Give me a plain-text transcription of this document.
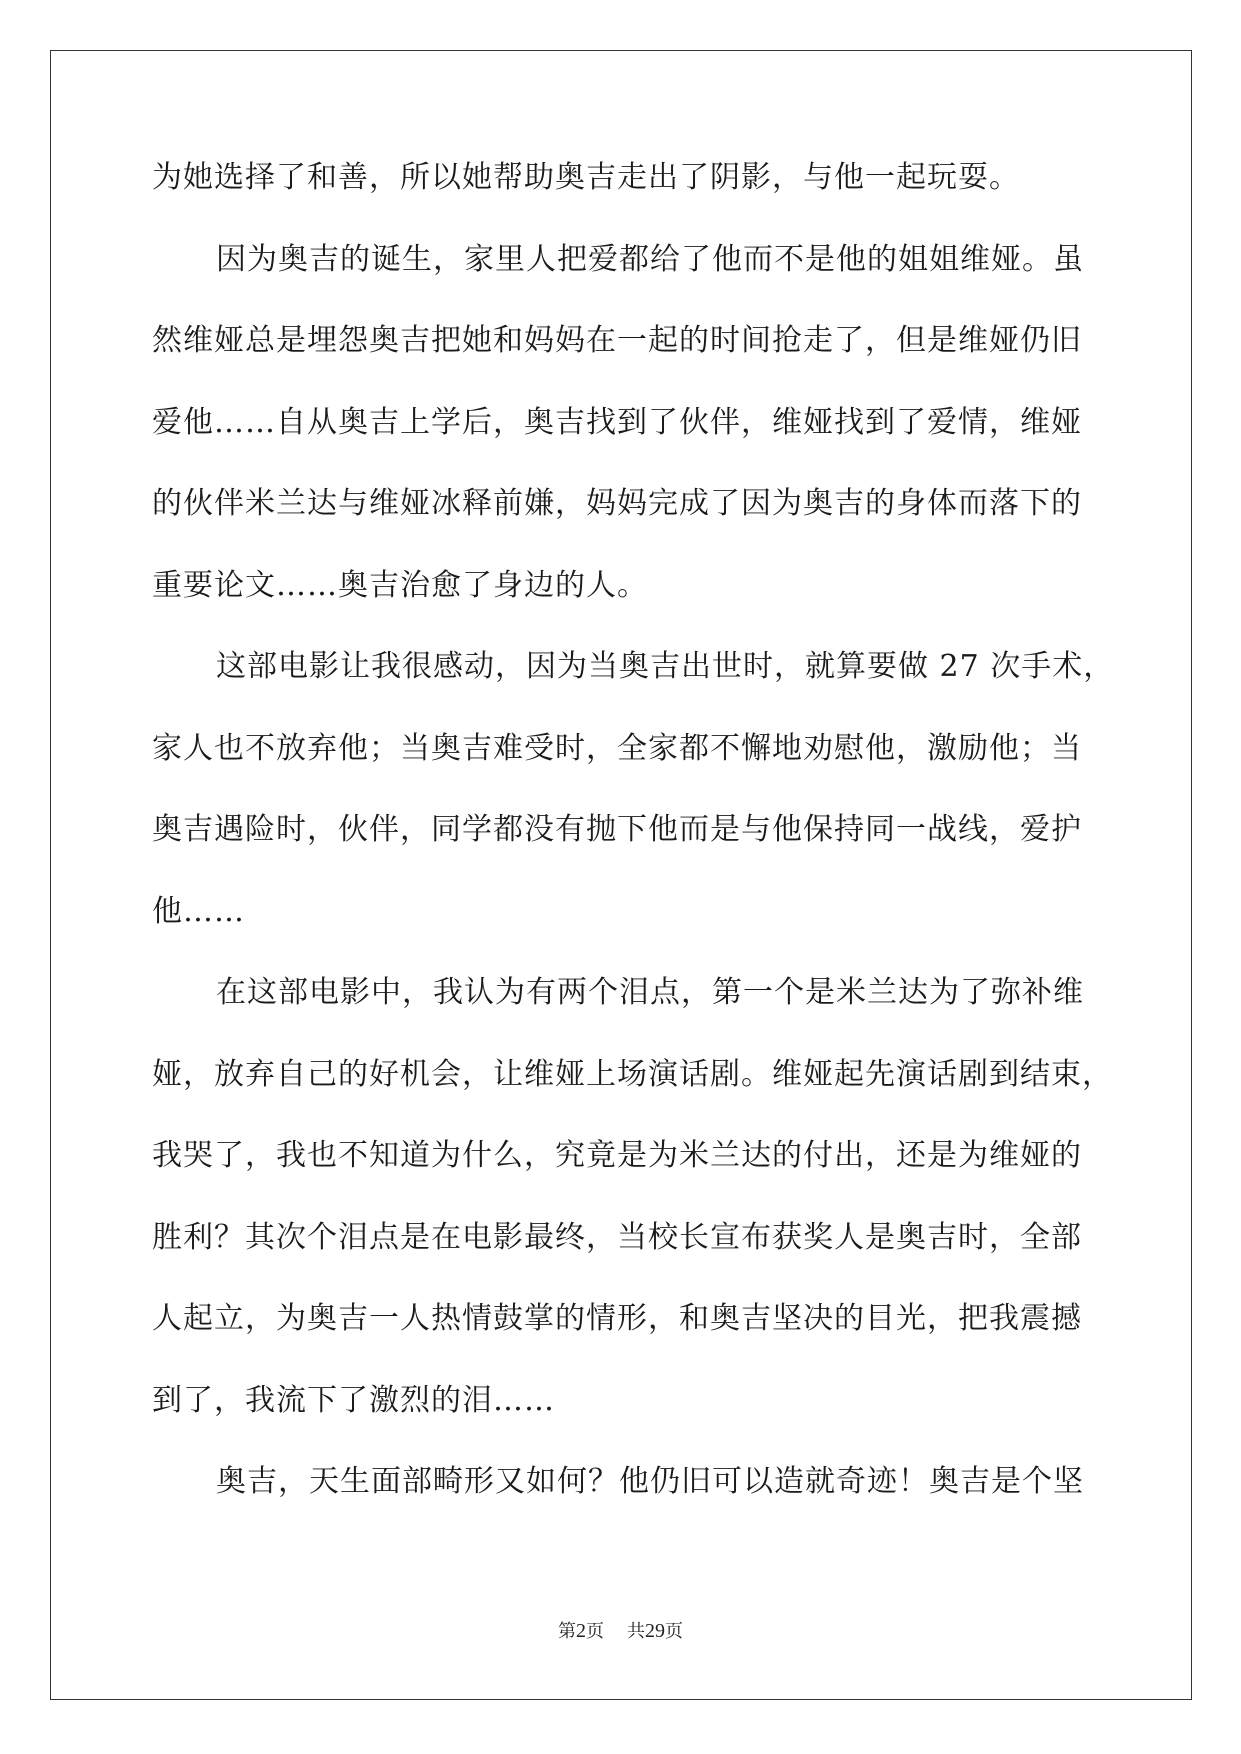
为她选择了和善，所以她帮助奥吉走出了阴影，与他一起玩耍。
因为奥吉的诞生，家里人把爱都给了他而不是他的姐姐维娅。虽
然维娅总是埋怨奥吉把她和妈妈在一起的时间抢走了，但是维娅仍旧
爱他……自从奥吉上学后，奥吉找到了伙伴，维娅找到了爱情，维娅
的伙伴米兰达与维娅冰释前嫌，妈妈完成了因为奥吉的身体而落下的
重要论文……奥吉治愈了身边的人。
这部电影让我很感动，因为当奥吉出世时，就算要做 27 次手术，
家人也不放弃他；当奥吉难受时，全家都不懈地劝慰他，激励他；当
奥吉遇险时，伙伴，同学都没有抛下他而是与他保持同一战线，爱护
他……
在这部电影中，我认为有两个泪点，第一个是米兰达为了弥补维
娅，放弃自己的好机会，让维娅上场演话剧。维娅起先演话剧到结束，
我哭了，我也不知道为什么，究竟是为米兰达的付出，还是为维娅的
胜利？其次个泪点是在电影最终，当校长宣布获奖人是奥吉时，全部
人起立，为奥吉一人热情鼓掌的情形，和奥吉坚决的目光，把我震撼
到了，我流下了激烈的泪……
奥吉，天生面部畸形又如何？他仍旧可以造就奇迹！奥吉是个坚
第2页 共29页
